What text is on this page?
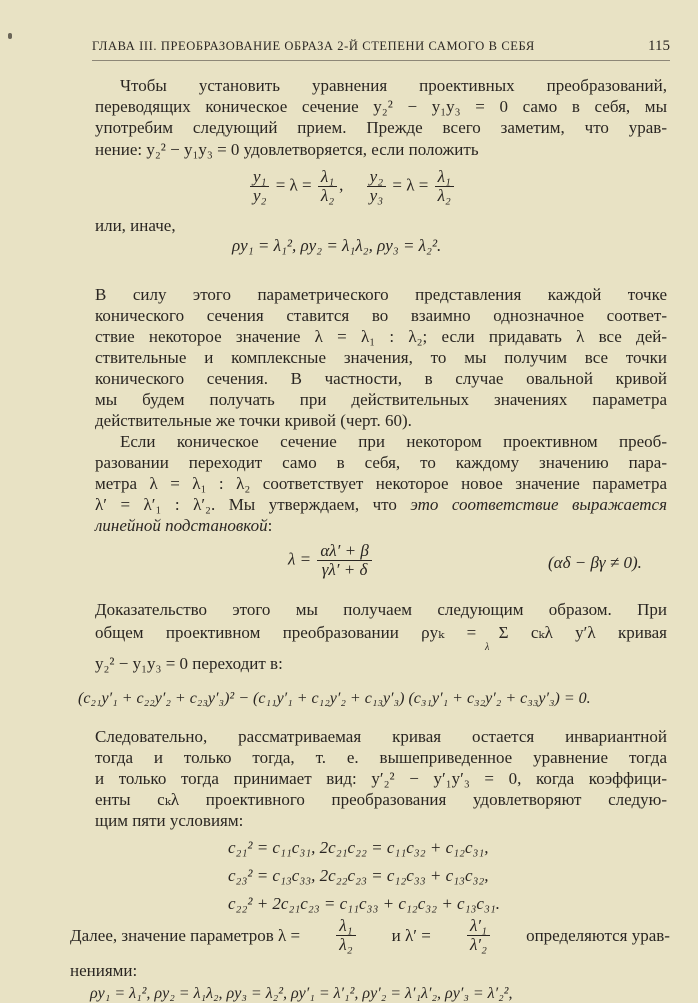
ГЛАВА III. ПРЕОБРАЗОВАНИЕ ОБРАЗА 2-Й СТЕПЕНИ САМОГО В СЕБЯ	115
Чтобы установить уравнения проективных преобразований,
переводящих коническое сечение y₂² − y₁y₃ = 0 само в себя, мы
употребим следующий прием. Прежде всего заметим, что урав-
нение: y₂² − y₁y₃ = 0 удовлетворяется, если положить
$\frac{\text{y₁}}{\text{y₂}} = \lambda = \frac{\text{λ₁}}{\text{λ₂}}$ , $\frac{\text{y₂}}{\text{y₃}} = \lambda = \frac{\text{λ₁}}{\text{λ₂}}$
или, иначе,
ρy₁ = λ₁², ρy₂ = λ₁λ₂, ρy₃ = λ₂².
В силу этого параметрического представления каждой точке
конического сечения ставится во взаимно однозначное соответ-
ствие некоторое значение λ = λ₁ : λ₂; если придавать λ все дей-
ствительные и комплексные значения, то мы получим все точки
конического сечения. В частности, в случае овальной кривой
мы будем получать при действительных значениях параметра
действительные же точки кривой (черт. 60).
Если коническое сечение при некотором проективном преоб-
разовании переходит само в себя, то каждому значению пара-
метра λ = λ₁ : λ₂ соответствует некоторое новое значение параметра
λ′ = λ′₁ : λ′₂. Мы утверждаем, что это соответствие выражается
линейной подстановкой:
$\lambda = \frac{\alpha\lambda' + \beta}{\gamma\lambda' + \delta}$	(αδ − βγ ≠ 0).
Доказательство этого мы получаем следующим образом. При
общем проективном преобразовании ρyₖ = Σ cₖλ y′λ кривая
λ
y₂² − y₁y₃ = 0 переходит в:
(c₂₁y′₁ + c₂₂y′₂ + c₂₃y′₃)² − (c₁₁y′₁ + c₁₂y′₂ + c₁₃y′₃) (c₃₁y′₁ + c₃₂y′₂ + c₃₃y′₃) = 0.
Следовательно, рассматриваемая кривая остается инвариантной
тогда и только тогда, т. е. вышеприведенное уравнение тогда
и только тогда принимает вид: y′₂² − y′₁y′₃ = 0, когда коэффици-
енты cₖλ проективного преобразования удовлетворяют следую-
щим пяти условиям:
c₂₁² = c₁₁c₃₁, 2c₂₁c₂₂ = c₁₁c₃₂ + c₁₂c₃₁,
c₂₃² = c₁₃c₃₃, 2c₂₂c₂₃ = c₁₂c₃₃ + c₁₃c₃₂,
c₂₂² + 2c₂₁c₂₃ = c₁₁c₃₃ + c₁₂c₃₂ + c₁₃c₃₁.
Далее, значение параметров $\lambda = \frac{\text{λ₁}}{\text{λ₂}}$ и $\lambda' = \frac{\text{λ′₁}}{\text{λ′₂}}$ определяются урав-
нениями:
ρy₁ = λ₁², ρy₂ = λ₁λ₂, ρy₃ = λ₂², ρy′₁ = λ′₁², ρy′₂ = λ′₁λ′₂, ρy′₃ = λ′₂²,
